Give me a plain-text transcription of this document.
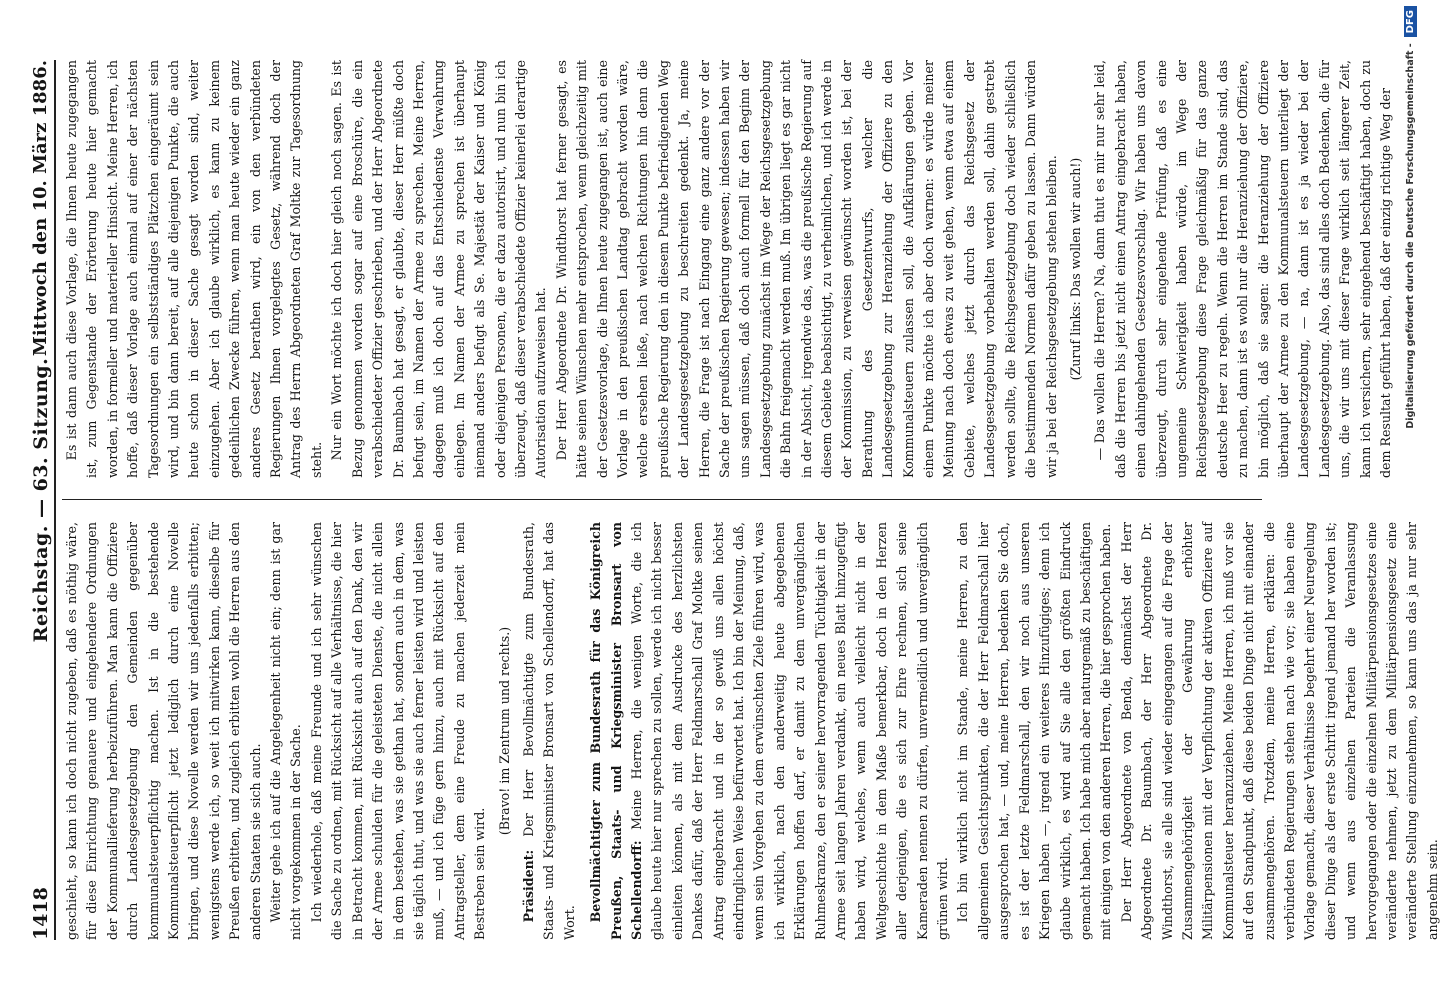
1418
Reichstag. — 63. Sitzung.
Mittwoch den 10. März 1886.

geschieht, so kann ich doch nicht zugeben, daß es nöthig wäre, für diese Einrichtung genauere und eingehendere Ordnungen der Kommunallieferung herbeizuführen. Man kann die Offiziere durch Landesgesetzgebung den Gemeinden gegenüber kommunalsteuerpflichtig machen. Ist in die bestehende Kommunalsteuerpflicht jetzt lediglich durch eine Novelle bringen, und diese Novelle werden wir uns jedenfalls erbitten; wenigstens werde ich, so weit ich mitwirken kann, dieselbe für Preußen erbitten, und zugleich erbitten wohl die Herren aus den anderen Staaten sie sich auch. Weiter gehe ich auf die Angelegenheit nicht ein; denn ist gar nicht vorgekommen in der Sache. Ich wiederhole, daß meine Freunde und ich sehr wünschen die Sache zu ordnen, mit Rücksicht auf alle Verhältnisse, die hier in Betracht kommen, mit Rücksicht auch auf den Dank, den wir der Armee schulden für die geleisteten Dienste, die nicht allein in dem bestehen, was sie gethan hat, sondern auch in dem, was sie täglich thut, und was sie auch ferner leisten wird und leisten muß, — und ich füge gern hinzu, auch mit Rücksicht auf den Antragsteller, dem eine Freude zu machen jederzeit mein Bestreben sein wird.

(Bravo! im Zentrum und rechts.)

Präsident: Der Herr Bevollmächtigte zum Bundesrath, Staats- und Kriegsminister Bronsart von Schellendorff, hat das Wort.

Bevollmächtigter zum Bundesrath für das Königreich Preußen, Staats- und Kriegsminister Bronsart von Schellendorff: Meine Herren, die wenigen Worte, die ich glaube heute hier nur sprechen zu sollen, werde ich nicht besser einleiten können, als mit dem Ausdrucke des herzlichsten Dankes dafür, daß der Herr Feldmarschall Graf Moltke seinen Antrag eingebracht und in der so gewiß uns allen höchst eindringlichen Weise befürwortet hat. Ich bin der Meinung, daß, wenn sein Vorgehen zu dem erwünschten Ziele führen wird, was ich wirklich, nach den anderweitig heute abgegebenen Erklärungen hoffen darf, er damit zu dem unvergänglichen Ruhmeskranze, den er seiner hervorragenden Tüchtigkeit in der Armee seit langen Jahren verdankt, ein neues Blatt hinzugefügt haben wird, welches, wenn auch vielleicht nicht in der Weltgeschichte in dem Maße bemerkbar, doch in den Herzen aller derjenigen, die es sich zur Ehre rechnen, sich seine Kameraden nennen zu dürfen, unvermeidlich und unvergänglich grünen wird. Ich bin wirklich nicht im Stande, meine Herren, zu den allgemeinen Gesichtspunkten, die der Herr Feldmarschall hier ausgesprochen hat, — und, meine Herren, bedenken Sie doch, es ist der letzte Feldmarschall, den wir noch aus unseren Kriegen haben —, irgend ein weiteres Hinzufügiges; denn ich glaube wirklich, es wird auf Sie alle den größten Eindruck gemacht haben. Ich habe mich aber naturgemäß zu beschäftigen mit einigen von den anderen Herren, die hier gesprochen haben. Der Herr Abgeordnete von Benda, demnächst der Herr Abgeordnete Dr. Baumbach, der Herr Abgeordnete Dr. Windthorst, sie alle sind wieder eingegangen auf die Frage der Zusammengehörigkeit der Gewährung erhöhter Militärpensionen mit der Verpflichtung der aktiven Offiziere auf Kommunalsteuer heranzuziehen. Meine Herren, ich muß vor sie auf den Standpunkt, daß diese beiden Dinge nicht mit einander zusammengehören. Trotzdem, meine Herren, erklären: die verbündeten Regierungen stehen nach wie vor; sie haben eine Vorlage gemacht, dieser Verhältnisse begehrt einer Neuregelung dieser Dinge als der erste Schritt irgend jemand her worden ist; und wenn aus einzelnen Parteien die Veranlassung hervorgegangen oder die einzelnen Militärpensionsgesetzes eine veränderte nehmen, jetzt zu dem Militärpensionsgesetz eine veränderte Stellung einzunehmen, so kann uns das ja nur sehr angenehm sein.

Es ist dann auch diese Vorlage, die Ihnen heute zugegangen ist, zum Gegenstande der Erörterung heute hier gemacht worden, in formeller und materieller Hinsicht. Meine Herren, ich hoffe, daß dieser Vorlage auch einmal auf einer der nächsten Tagesordnungen ein selbstständiges Plätzchen eingeräumt sein wird, und bin dann bereit, auf alle diejenigen Punkte, die auch heute schon in dieser Sache gesagt worden sind, weiter einzugehen. Aber ich glaube wirklich, es kann zu keinem gedeihlichen Zwecke führen, wenn man heute wieder ein ganz anderes Gesetz berathen wird, ein von den verbündeten Regierungen Ihnen vorgelegtes Gesetz, während doch der Antrag des Herrn Abgeordneten Graf Moltke zur Tagesordnung steht. Nur ein Wort möchte ich doch hier gleich noch sagen. Es ist Bezug genommen worden sogar auf eine Broschüre, die ein verabschiedeter Offizier geschrieben, und der Herr Abgeordnete Dr. Baumbach hat gesagt, er glaubte, dieser Herr müßte doch befugt sein, im Namen der Armee zu sprechen. Meine Herren, dagegen muß ich doch auf das Entschiedenste Verwahrung einlegen. Im Namen der Armee zu sprechen ist überhaupt niemand anders befugt als Se. Majestät der Kaiser und König oder diejenigen Personen, die er dazu autorisirt, und nun bin ich überzeugt, daß dieser verabschiedete Offizier keinerlei derartige Autorisation aufzuweisen hat. Der Herr Abgeordnete Dr. Windthorst hat ferner gesagt, es hätte seinen Wünschen mehr entsprochen, wenn gleichzeitig mit der Gesetzesvorlage, die Ihnen heute zugegangen ist, auch eine Vorlage in den preußischen Landtag gebracht worden wäre, welche ersehen ließe, nach welchen Richtungen hin denn die preußische Regierung den in diesem Punkte befriedigenden Weg der Landesgesetzgebung zu beschreiten gedenkt. Ja, meine Herren, die Frage ist nach Eingang eine ganz andere vor der Sache der preußischen Regierung gewesen; indessen haben wir uns sagen müssen, daß doch auch formell für den Beginn der Landesgesetzgebung zunächst im Wege der Reichsgesetzgebung die Bahn freigemacht werden muß. Im übrigen liegt es gar nicht in der Absicht, irgendwie das, was die preußische Regierung auf diesem Gebiete beabsichtigt, zu verheimlichen, und ich werde in der Kommission, zu verweisen gewünscht worden ist, bei der Berathung des Gesetzentwurfs, welcher die Landesgesetzgebung zur Heranziehung der Offiziere zu den Kommunalsteuern zulassen soll, die Aufklärungen geben. Vor einem Punkte möchte ich aber doch warnen: es würde meiner Meinung nach doch etwas zu weit gehen, wenn etwa auf einem Gebiete, welches jetzt durch das Reichsgesetz der Landesgesetzgebung vorbehalten werden soll, dahin gestrebt werden sollte, die Reichsgesetzgebung doch wieder schließlich die bestimmenden Normen dafür geben zu lassen. Dann würden wir ja bei der Reichsgesetzgebung stehen bleiben. (Zuruf links: Das wollen wir auch!) — Das wollen die Herren? Na, dann thut es mir nur sehr leid, daß die Herren bis jetzt nicht einen Antrag eingebracht haben, einen dahingehenden Gesetzesvorschlag. Wir haben uns davon überzeugt, durch sehr eingehende Prüfung, daß es eine ungemeine Schwierigkeit haben würde, im Wege der Reichsgesetzgebung diese Frage gleichmäßig für das ganze deutsche Heer zu regeln. Wenn die Herren im Stande sind, das zu machen, dann ist es wohl nur die Heranziehung der Offiziere, bin möglich, daß sie sagen: die Heranziehung der Offiziere überhaupt der Armee zu den Kommunalsteuern unterliegt der Landesgesetzgebung, — na, dann ist es ja wieder bei der Landesgesetzgebung. Also, das sind alles doch Bedenken, die für uns, die wir uns mit dieser Frage wirklich seit längerer Zeit, kann ich versichern, sehr eingehend beschäftigt haben, doch zu dem Resultat geführt haben, daß der einzig richtige Weg der	Digitalisierung gefördert durch die Deutsche Forschungsgemeinschaft -DFG
